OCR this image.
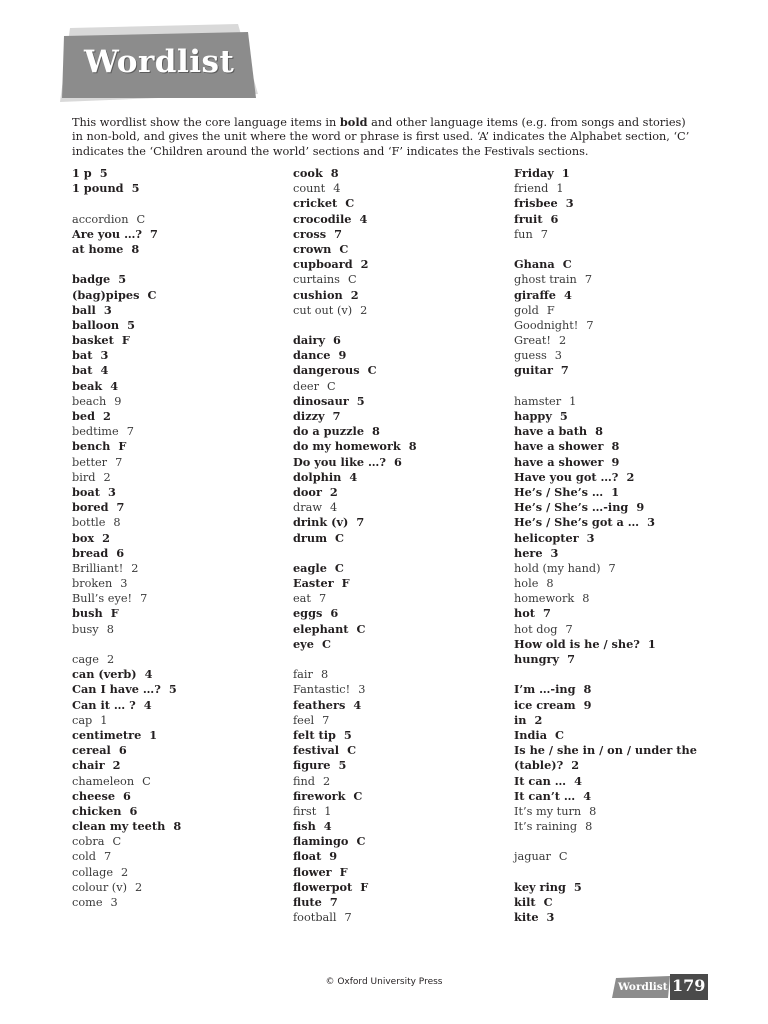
Wordlist

This wordlist show the core language items in bold and other language items (e.g. from songs and stories) in non-bold, and gives the unit where the word or phrase is first used. ‘A’ indicates the Alphabet section, ‘C’ indicates the ‘Children around the world’ sections and ‘F’ indicates the Festivals sections.

1 p 5
1 pound 5
accordion C
Are you …? 7
at home 8
badge 5
(bag)pipes C
ball 3
balloon 5
basket F
bat 3
bat 4
beak 4
beach 9
bed 2
bedtime 7
bench F
better 7
bird 2
boat 3
bored 7
bottle 8
box 2
bread 6
Brilliant! 2
broken 3
Bull’s eye! 7
bush F
busy 8
cage 2
can (verb) 4
Can I have …? 5
Can it … ? 4
cap 1
centimetre 1
cereal 6
chair 2
chameleon C
cheese 6
chicken 6
clean my teeth 8
cobra C
cold 7
collage 2
colour (v) 2
come 3
cook 8
count 4
cricket C
crocodile 4
cross 7
crown C
cupboard 2
curtains C
cushion 2
cut out (v) 2
dairy 6
dance 9
dangerous C
deer C
dinosaur 5
dizzy 7
do a puzzle 8
do my homework 8
Do you like …? 6
dolphin 4
door 2
draw 4
drink (v) 7
drum C
eagle C
Easter F
eat 7
eggs 6
elephant C
eye C
fair 8
Fantastic! 3
feathers 4
feel 7
felt tip 5
festival C
figure 5
find 2
firework C
first 1
fish 4
flamingo C
float 9
flower F
flowerpot F
flute 7
football 7
Friday 1
friend 1
frisbee 3
fruit 6
fun 7
Ghana C
ghost train 7
giraffe 4
gold F
Goodnight! 7
Great! 2
guess 3
guitar 7
hamster 1
happy 5
have a bath 8
have a shower 8
have a shower 9
Have you got …? 2
He’s / She’s … 1
He’s / She’s …-ing 9
He’s / She’s got a … 3
helicopter 3
here 3
hold (my hand) 7
hole 8
homework 8
hot 7
hot dog 7
How old is he / she? 1
hungry 7
I’m …-ing 8
ice cream 9
in 2
India C
Is he / she in / on / under the (table)? 2
It can … 4
It can’t … 4
It’s my turn 8
It’s raining 8
jaguar C
key ring 5
kilt C
kite 3
© Oxford University Press	Wordlist 179
